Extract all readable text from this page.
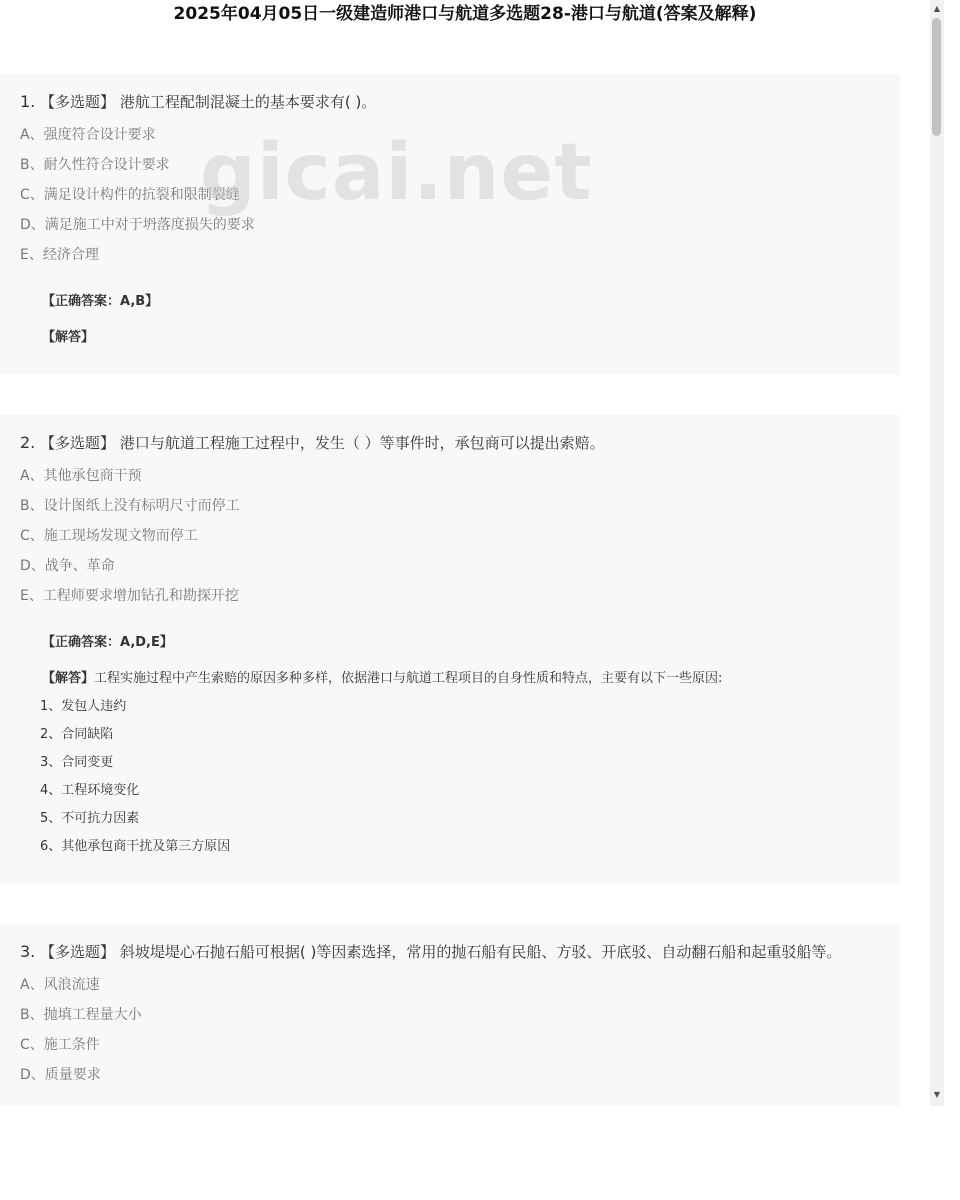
2025年04月05日一级建造师港口与航道多选题28-港口与航道(答案及解释)
1. 【多选题】 港航工程配制混凝土的基本要求有( )。
A、强度符合设计要求
B、耐久性符合设计要求
C、满足设计构件的抗裂和限制裂缝
D、满足施工中对于坍落度损失的要求
E、经济合理
【正确答案：A,B】
【解答】
gicai.net
2. 【多选题】 港口与航道工程施工过程中，发生（ ）等事件时，承包商可以提出索赔。
A、其他承包商干预
B、设计图纸上没有标明尺寸而停工
C、施工现场发现文物而停工
D、战争、革命
E、工程师要求增加钻孔和勘探开挖
【正确答案：A,D,E】
【解答】工程实施过程中产生索赔的原因多种多样，依据港口与航道工程项目的自身性质和特点，主要有以下一些原因:
1、发包人违约
2、合同缺陷
3、合同变更
4、工程环境变化
5、不可抗力因素
6、其他承包商干扰及第三方原因
3. 【多选题】 斜坡堤堤心石抛石船可根据( )等因素选择，常用的抛石船有民船、方驳、开底驳、自动翻石船和起重驳船等。
A、风浪流速
B、抛填工程量大小
C、施工条件
D、质量要求
▲
▼
